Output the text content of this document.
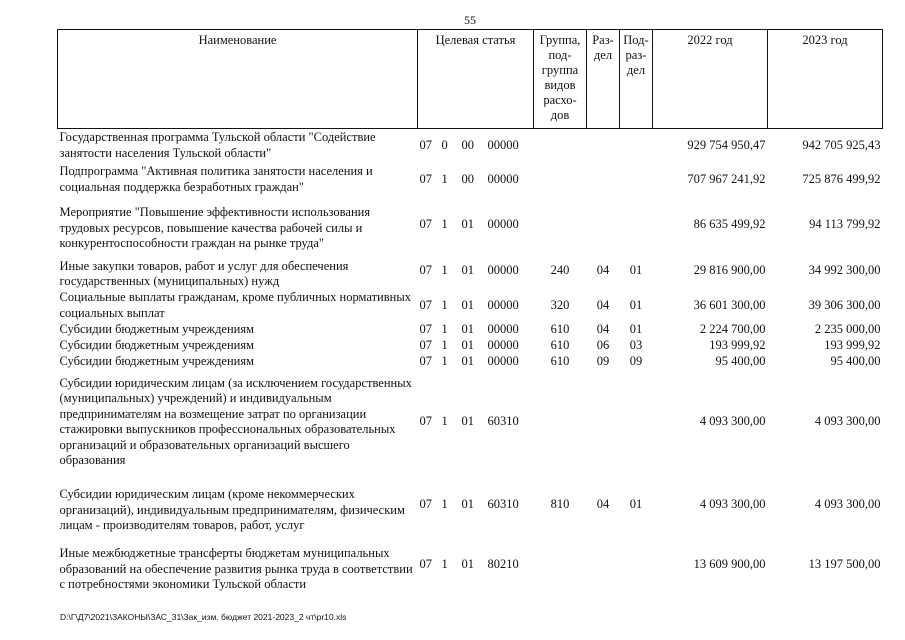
55
Наименование	Целевая статья	Группа, под-группа видов расхо-дов	Раз-дел	Под-раз-дел	2022 год	2023 год
Государственная программа Тульской области "Содействие занятости населения Тульской области"	07 0 00 00000				929 754 950,47	942 705 925,43
Подпрограмма "Активная политика занятости населения и социальная поддержка безработных граждан"	07 1 00 00000				707 967 241,92	725 876 499,92
Мероприятие "Повышение эффективности использования трудовых ресурсов, повышение качества рабочей силы и конкурентоспособности граждан на рынке труда"	07 1 01 00000				86 635 499,92	94 113 799,92
Иные закупки товаров, работ и услуг для обеспечения государственных (муниципальных) нужд	07 1 01 00000	240	04	01	29 816 900,00	34 992 300,00
Социальные выплаты гражданам, кроме публичных нормативных социальных выплат	07 1 01 00000	320	04	01	36 601 300,00	39 306 300,00
Субсидии бюджетным учреждениям	07 1 01 00000	610	04	01	2 224 700,00	2 235 000,00
Субсидии бюджетным учреждениям	07 1 01 00000	610	06	03	193 999,92	193 999,92
Субсидии бюджетным учреждениям	07 1 01 00000	610	09	09	95 400,00	95 400,00
Субсидии юридическим лицам (за исключением государственных (муниципальных) учреждений) и индивидуальным предпринимателям на возмещение затрат по организации стажировки выпускников профессиональных образовательных организаций и образовательных организаций высшего образования	07 1 01 60310				4 093 300,00	4 093 300,00
Субсидии юридическим лицам (кроме некоммерческих организаций), индивидуальным предпринимателям, физическим лицам - производителям товаров, работ, услуг	07 1 01 60310	810	04	01	4 093 300,00	4 093 300,00
Иные межбюджетные трансферты бюджетам муниципальных образований на обеспечение развития рынка труда в соответствии с потребностями экономики Тульской области	07 1 01 80210				13 609 900,00	13 197 500,00
D:\Г\Д7\2021\ЗАКОНЫ\ЗАС_31\Зак_изм. бюджет 2021-2023_2 чт\pr10.xls
